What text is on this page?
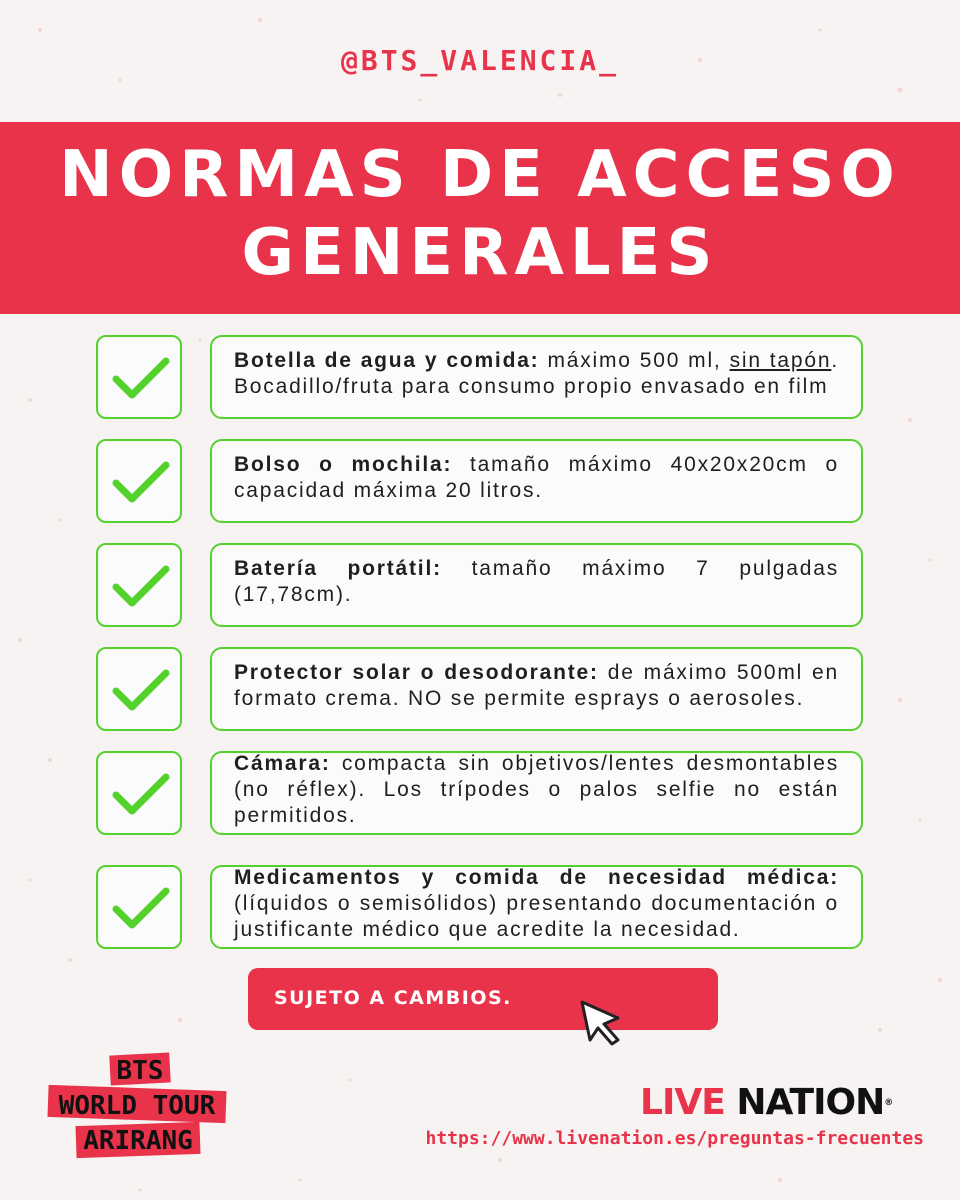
@BTS_VALENCIA_
NORMAS DE ACCESO
GENERALES
Botella de agua y comida: máximo 500 ml, sin tapón. Bocadillo/fruta para consumo propio envasado en film
Bolso o mochila: tamaño máximo 40x20x20cm o capacidad máxima 20 litros.
Batería portátil: tamaño máximo 7 pulgadas (17,78cm).
Protector solar o desodorante: de máximo 500ml en formato crema. NO se permite esprays o aerosoles.
Cámara: compacta sin objetivos/lentes desmontables (no réflex). Los trípodes o palos selfie no están permitidos.
Medicamentos y comida de necesidad médica: (líquidos o semisólidos) presentando documentación o justificante médico que acredite la necesidad.
SUJETO A CAMBIOS.
BTS
WORLD TOUR
ARIRANG
LIVE NATION®
https://www.livenation.es/preguntas-frecuentes
